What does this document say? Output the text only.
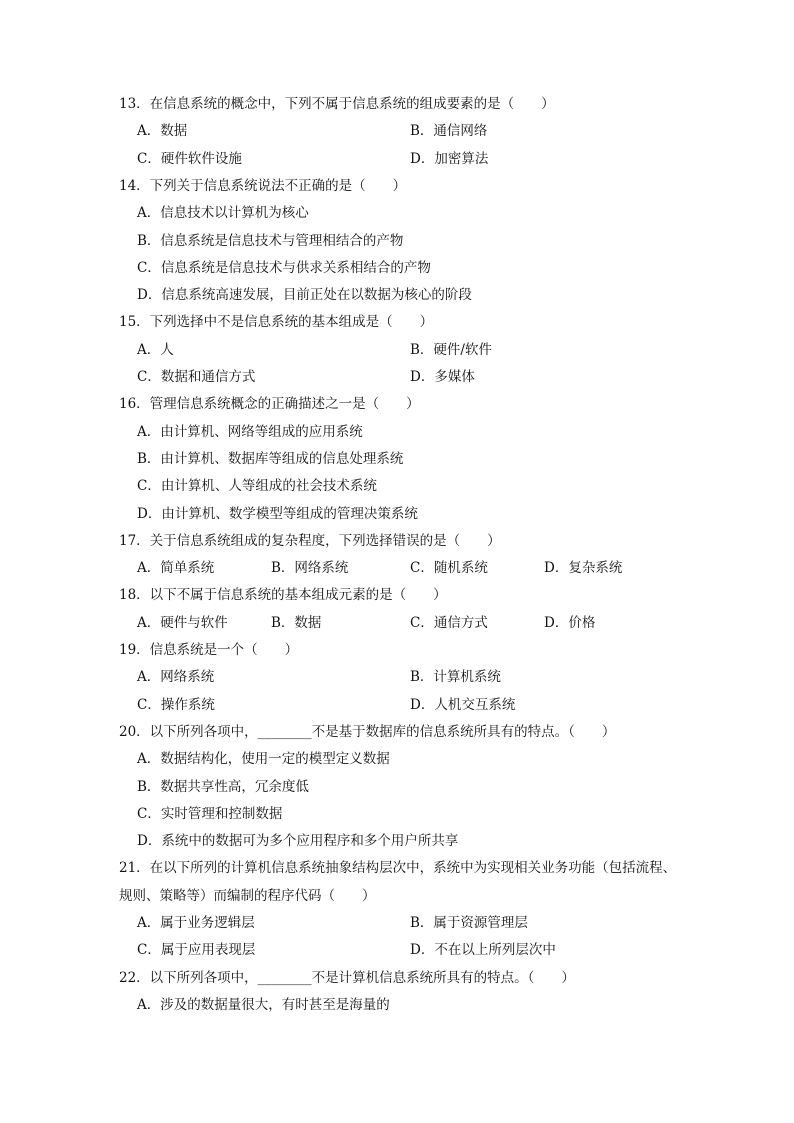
13．在信息系统的概念中，下列不属于信息系统的组成要素的是（　　）
A．数据	B．通信网络
C．硬件软件设施	D．加密算法
14．下列关于信息系统说法不正确的是（　　）
A．信息技术以计算机为核心
B．信息系统是信息技术与管理相结合的产物
C．信息系统是信息技术与供求关系相结合的产物
D．信息系统高速发展，目前正处在以数据为核心的阶段
15．下列选择中不是信息系统的基本组成是（　　）
A．人	B．硬件/软件
C．数据和通信方式	D．多媒体
16．管理信息系统概念的正确描述之一是（　　）
A．由计算机、网络等组成的应用系统
B．由计算机、数据库等组成的信息处理系统
C．由计算机、人等组成的社会技术系统
D．由计算机、数学模型等组成的管理决策系统
17．关于信息系统组成的复杂程度，下列选择错误的是（　　）
A．简单系统	B．网络系统	C．随机系统	D．复杂系统
18．以下不属于信息系统的基本组成元素的是（　　）
A．硬件与软件	B．数据	C．通信方式	D．价格
19．信息系统是一个（　　）
A．网络系统	B．计算机系统
C．操作系统	D．人机交互系统
20．以下所列各项中，________不是基于数据库的信息系统所具有的特点。（　　）
A．数据结构化，使用一定的模型定义数据
B．数据共享性高，冗余度低
C．实时管理和控制数据
D．系统中的数据可为多个应用程序和多个用户所共享
21．在以下所列的计算机信息系统抽象结构层次中，系统中为实现相关业务功能（包括流程、
规则、策略等）而编制的程序代码（　　）
A．属于业务逻辑层	B．属于资源管理层
C．属于应用表现层	D．不在以上所列层次中
22．以下所列各项中，________不是计算机信息系统所具有的特点。（　　）
A．涉及的数据量很大，有时甚至是海量的
